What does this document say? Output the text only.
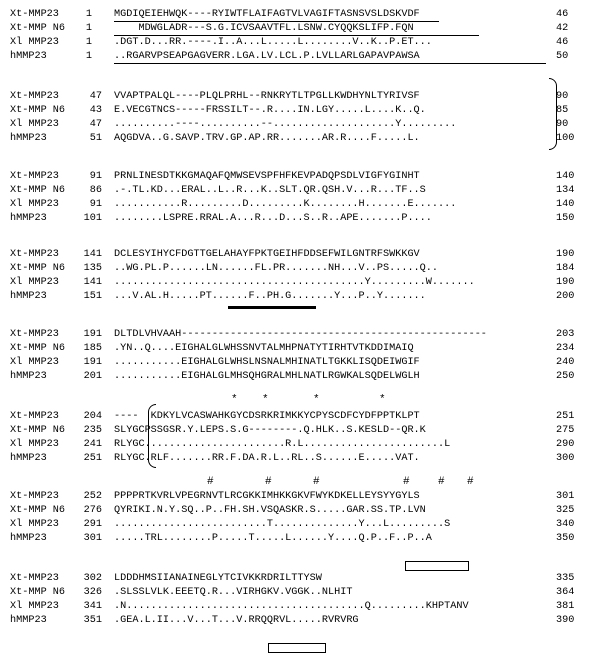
Xt-MMP23	1 MGDIQEIEHWQK----RYIWTFLAIFAGTVLVAGIFTASNSVSLDSKVDF	46
Xt-MMP N6	1 MDWGLADR---S.G.ICVSAAVTFL.LSNW.CYQQKSLIFP.FQN	42
Xl MMP23	1 .DGT.D...RR.----.I..A...L.....L........V..K..P.ET...	46
hMMP23	1 ..RGARVPSEAPGAGVERR.LGA.LV.LCL.P.LVLLARLGAPAVPAWSA	50
Xt-MMP23	47 VVAPTPALQL----PLQLPRHL--RNKRYTLTPGLLKWDHYNLTYRIVSF	90
Xt-MMP N6	43 E.VECGTNCS-----FRSSILT--.R....IN.LGY.....L....K..Q.	85
Xl MMP23	47 ..........----..........--....................Y.........	90
hMMP23	51 AQGDVA..G.SAVP.TRV.GP.AP.RR.......AR.R....F.....L.	100
Xt-MMP23	91 PRNLINESDTKKGMAQAFQMWSEVSPFHFKEVPADQPSDLVIGFYGINHT	140
Xt-MMP N6	86 .-.TL.KD...ERAL..L..R...K..SLT.QR.QSH.V...R...TF..S	134
Xl MMP23	91 ...........R.........D.........K........H.......E.......	140
hMMP23	101 ........LSPRE.RRAL.A...R...D...S..R..APE.......P....	150
Xt-MMP23	141 DCLESYIHYCFDGTTGELAHAYFPKTGEIHFDDSEFWILGNTRFSWKKGV	190
Xt-MMP N6	135 ..WG.PL.P......LN......FL.PR.......NH...V..PS.....Q..	184
Xl MMP23	141 .........................................Y.........W.......	190
hMMP23	151 ...V.AL.H.....PT......F..PH.G.......Y...P..Y.......	200
Xt-MMP23	191 DLTDLVHVAAH--------------------------------------------------	203
Xt-MMP N6	185 .YN..Q....EIGHALGLWHSSNVTALMHPNATYTIRHTVTKDDIMAIQ	234
Xl MMP23	191 ...........EIGHALGLWHSLNSNALMHINATLTGKKLISQDEIWGIF	240
hMMP23	201 ...........EIGHALGLMHSQHGRALMHLNATLRGWKALSQDELWGLH	250
Xt-MMP23	204 ----  KDKYLVCASWAHKGYCDSRKRIMKKYCPYSCDFCYDFPPTKLPT	251
Xt-MMP N6	235 SLYGCPSSGSR.Y.LEPS.S.G--------.Q.HLK..S.KESLD--QR.K	275
Xl MMP23	241 RLYGC.......................R.L.......................L	290
hMMP23	251 RLYGC.RLF.......RR.F.DA.R.L..RL..S......E.....VAT.	300
Xt-MMP23	252 PPPPRTKVRLVPEGRNVTLRCGKKIMHKKGKVFWYKDKELLEYSYYGYLS	301
Xt-MMP N6	276 QYRIKI.N.Y.SQ..P..FH.SH.VSQASKR.S.....GAR.SS.TP.LVN	325
Xl MMP23	291 .........................T..............Y...L.........S	340
hMMP23	301 .....TRL........P.....T.....L......Y....Q.P..F..P..A	350
Xt-MMP23	302 LDDDHMSIIANAINEGLYTCIVKKRDRILTTYSW	335
Xt-MMP N6	326 .SLSSLVLK.EEETQ.R...VIRHGKV.VGGK..NLHIT	364
Xl MMP23	341 .N.......................................Q.........KHPTANV	381
hMMP23	351 .GEA.L.II...V...T...V.RRQQRVL.....RVRVRG	390
* *	*	*
#	#	#	#	# #
